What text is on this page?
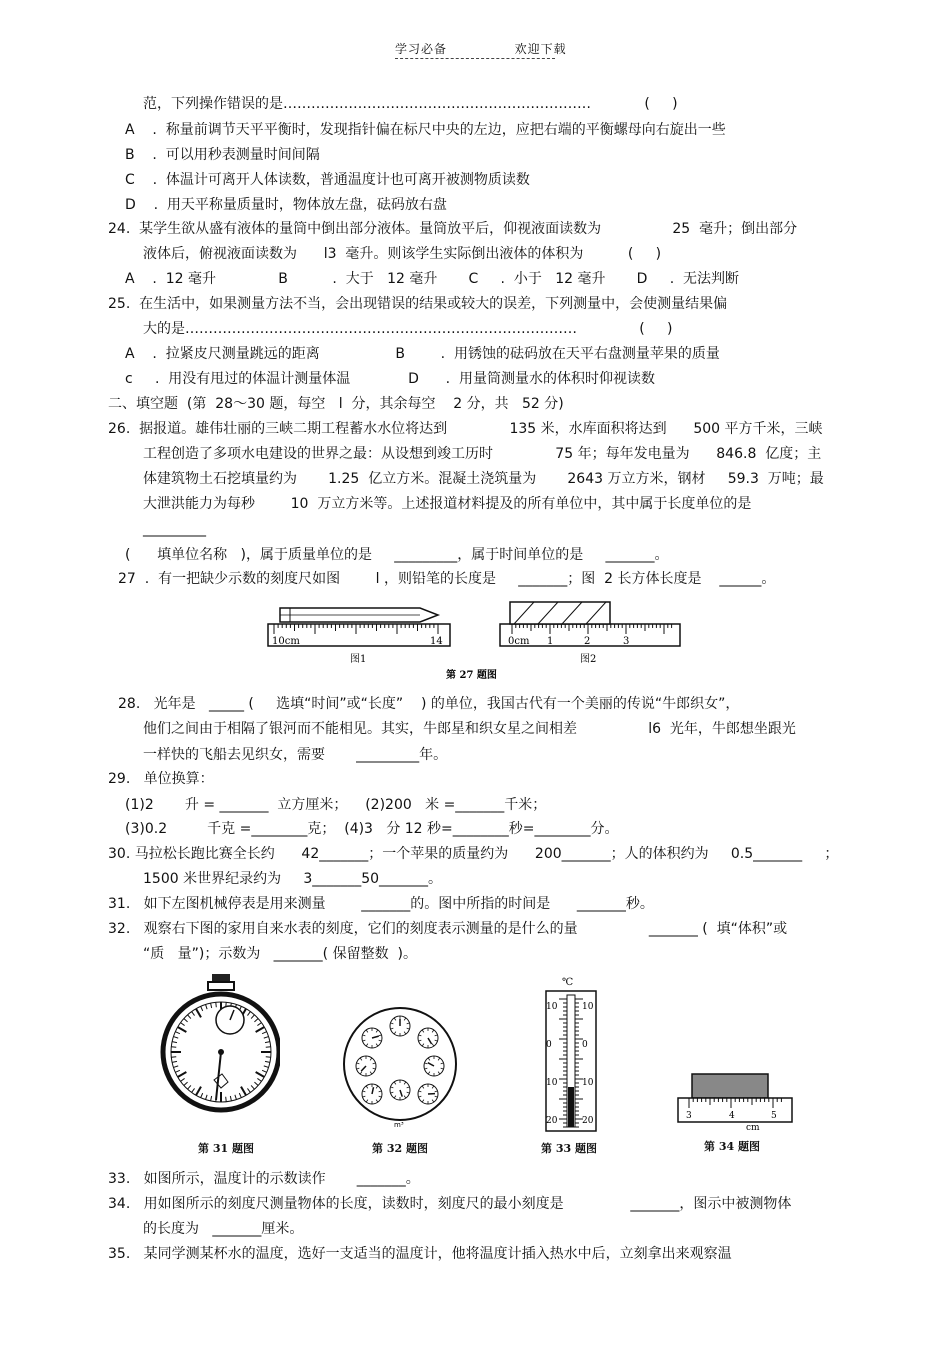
学习必备	欢迎下载
范，下列操作错误的是…………………………………………………………            (     )
A    .  称量前调节天平平衡时，发现指针偏在标尺中央的左边，应把右端的平衡螺母向右旋出一些
B    .  可以用秒表测量时间间隔
C    .  体温计可离开人体读数，普通温度计也可离开被测物质读数
D    .  用天平称量质量时，物体放左盘，砝码放右盘
24.  某学生欲从盛有液体的量筒中倒出部分液体。量筒放平后，仰视液面读数为                25  毫升；倒出部分
液体后，俯视液面读数为      l3  毫升。则该学生实际倒出液体的体积为          (     )
A    .  12 毫升              B          .  大于   12 毫升       C     .  小于   12 毫升       D     .  无法判断
25.  在生活中，如果测量方法不当，会出现错误的结果或较大的误差，下列测量中，会使测量结果偏
大的是…………………………………………………………………………              (     )
A    .  拉紧皮尺测量跳远的距离                 B        .  用锈蚀的砝码放在天平右盘测量苹果的质量
c     .  用没有甩过的体温计测量体温             D      .  用量筒测量水的体积时仰视读数
二、填空题  (第  28～30 题，每空   l  分，其余每空    2 分，共   52 分)
26.  据报道。雄伟壮丽的三峡二期工程蓄水水位将达到              135 米，水库面积将达到      500 平方千米，三峡
工程创造了多项水电建设的世界之最：从设想到竣工历时              75 年；每年发电量为      846.8  亿度；主
体建筑物土石挖填量约为       1.25  亿立方米。混凝土浇筑量为       2643 万立方米，钢材     59.3  万吨；最
大泄洪能力为每秒        10  万立方米等。上述报道材料提及的所有单位中，其中属于长度单位的是
_________
(      填单位名称   )，属于质量单位的是     _________，属于时间单位的是     _______。
27  .  有一把缺少示数的刻度尺如图        l ，则铅笔的长度是     _______；图  2 长方体长度是    ______。
28.   光年是   _____ (     选填“时间”或“长度”    ) 的单位，我国古代有一个美丽的传说“牛郎织女”，
他们之间由于相隔了银河而不能相见。其实，牛郎星和织女星之间相差                l6  光年，牛郎想坐跟光
一样快的飞船去见织女，需要       _________年。
29.   单位换算：
(1)2       升 = _______  立方厘米；    (2)200   米 =_______千米；
(3)0.2         千克 =________克；  (4)3   分 12 秒=________秒=________分。
30. 马拉松长跑比赛全长约      42_______；一个苹果的质量约为      200_______；人的体积约为     0.5_______     ；
1500 米世界纪录约为     3_______50_______。
31.   如下左图机械停表是用来测量        _______的。图中所指的时间是      _______秒。
32.   观察右下图的家用自来水表的刻度，它们的刻度表示测量的是什么的量                _______ (  填“体积”或
“质   量”)；示数为   _______( 保留整数  )。
33.   如图所示，温度计的示数读作       _______。
34.   用如图所示的刻度尺测量物体的长度，读数时，刻度尺的最小刻度是               _______，图示中被测物体
的长度为   _______厘米。
35.   某同学测某杯水的温度，选好一支适当的温度计，他将温度计插入热水中后，立刻拿出来观察温
10cm	14
图1
0cm 1	2	3
图2
第 27 题图
第 31 题图
m³
第 32 题图
℃
10
0
10
20
10
0
10
20
第 33 题图
3	4	5
cm
第 34 题图
